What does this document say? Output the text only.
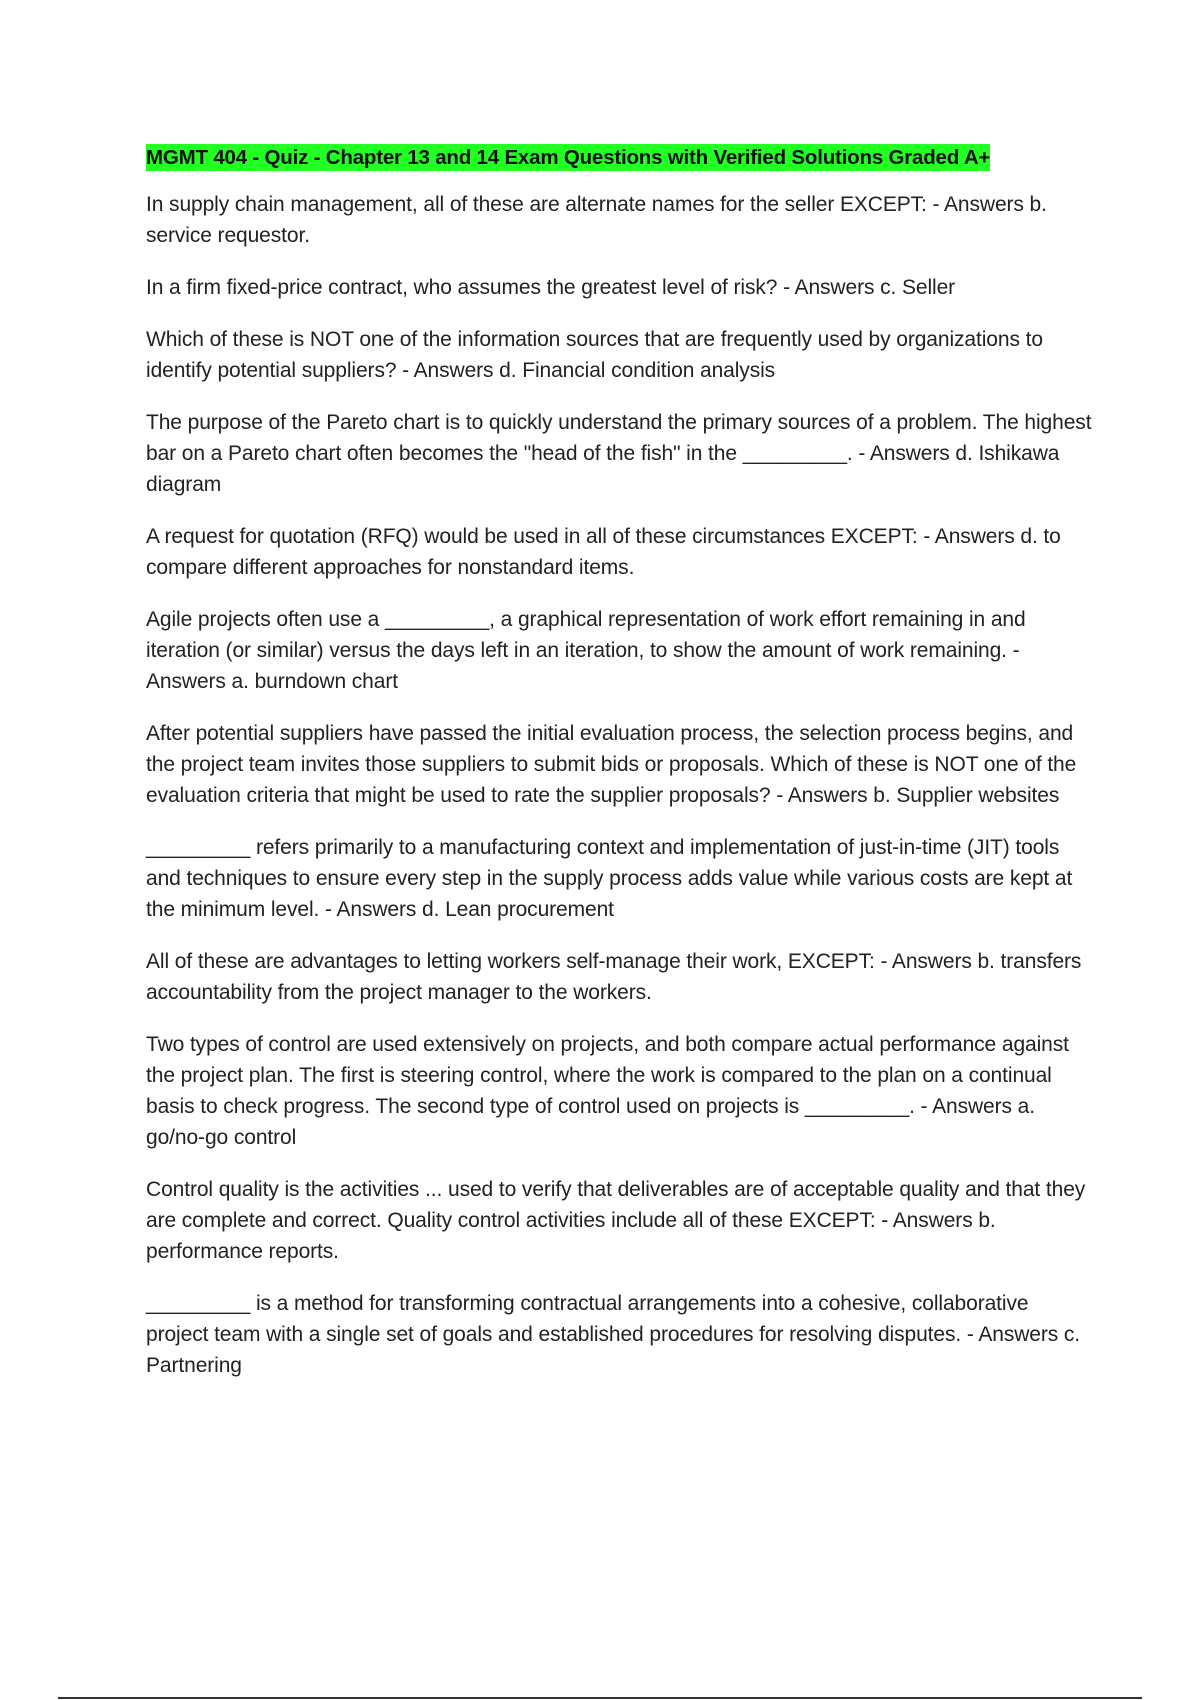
MGMT 404 - Quiz - Chapter 13 and 14 Exam Questions with Verified Solutions Graded A+

In supply chain management, all of these are alternate names for the seller EXCEPT: - Answers b. service requestor.

In a firm fixed-price contract, who assumes the greatest level of risk? - Answers c. Seller

Which of these is NOT one of the information sources that are frequently used by organizations to identify potential suppliers? - Answers d. Financial condition analysis

The purpose of the Pareto chart is to quickly understand the primary sources of a problem. The highest bar on a Pareto chart often becomes the "head of the fish" in the _________. - Answers d. Ishikawa diagram

A request for quotation (RFQ) would be used in all of these circumstances EXCEPT: - Answers d. to compare different approaches for nonstandard items.

Agile projects often use a _________, a graphical representation of work effort remaining in and iteration (or similar) versus the days left in an iteration, to show the amount of work remaining. - Answers a. burndown chart

After potential suppliers have passed the initial evaluation process, the selection process begins, and the project team invites those suppliers to submit bids or proposals. Which of these is NOT one of the evaluation criteria that might be used to rate the supplier proposals? - Answers b. Supplier websites

_________ refers primarily to a manufacturing context and implementation of just-in-time (JIT) tools and techniques to ensure every step in the supply process adds value while various costs are kept at the minimum level. - Answers d. Lean procurement

All of these are advantages to letting workers self-manage their work, EXCEPT: - Answers b. transfers accountability from the project manager to the workers.

Two types of control are used extensively on projects, and both compare actual performance against the project plan. The first is steering control, where the work is compared to the plan on a continual basis to check progress. The second type of control used on projects is _________. - Answers a. go/no-go control

Control quality is the activities ... used to verify that deliverables are of acceptable quality and that they are complete and correct. Quality control activities include all of these EXCEPT: - Answers b. performance reports.

_________ is a method for transforming contractual arrangements into a cohesive, collaborative project team with a single set of goals and established procedures for resolving disputes. - Answers c. Partnering
